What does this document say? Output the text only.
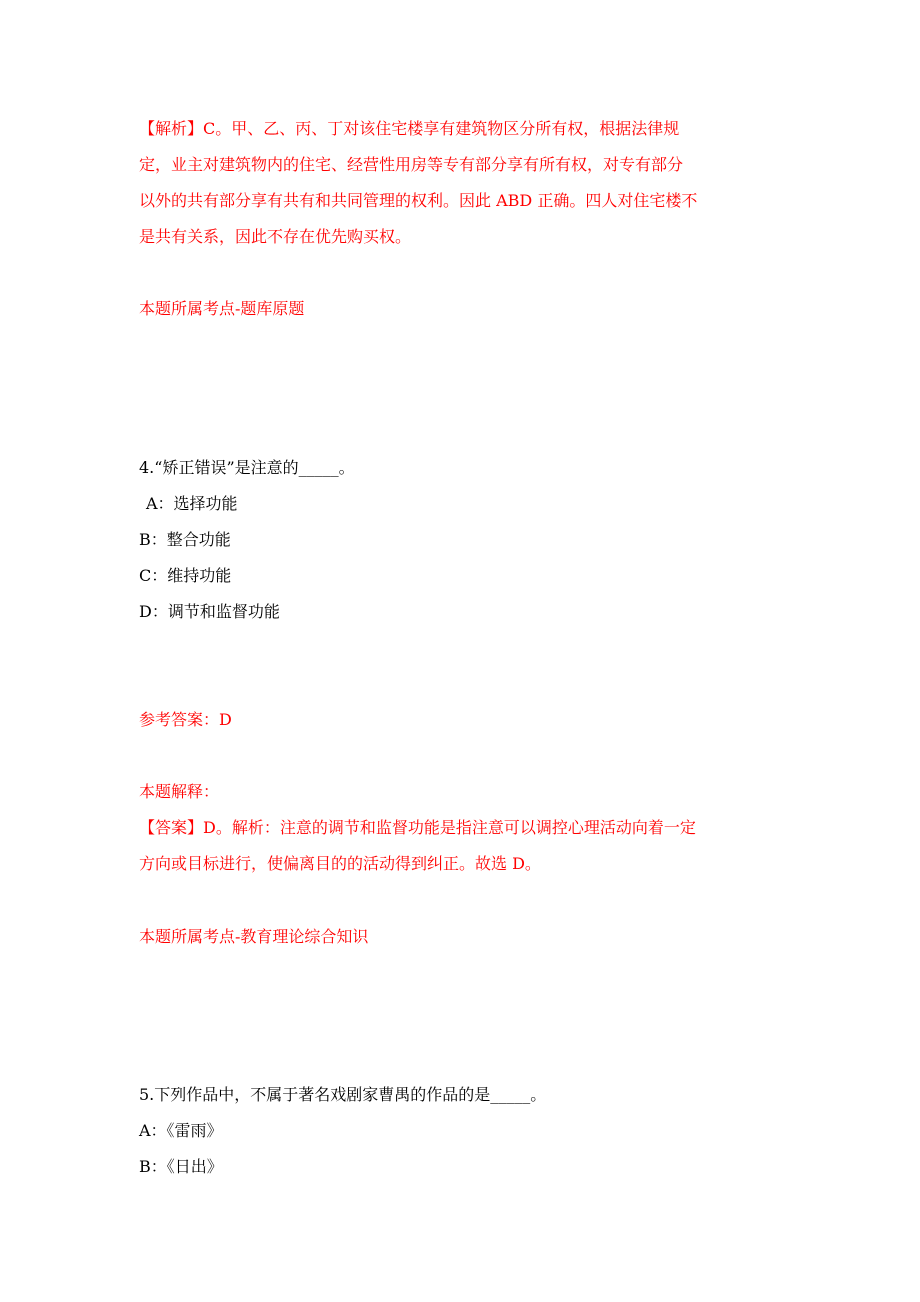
【解析】C。甲、乙、丙、丁对该住宅楼享有建筑物区分所有权，根据法律规
定，业主对建筑物内的住宅、经营性用房等专有部分享有所有权，对专有部分
以外的共有部分享有共有和共同管理的权利。因此 ABD 正确。四人对住宅楼不
是共有关系，因此不存在优先购买权。
本题所属考点-题库原题
4.“矫正错误”是注意的_____。
A：选择功能
B：整合功能
C：维持功能
D：调节和监督功能
参考答案：D
本题解释：
【答案】D。解析：注意的调节和监督功能是指注意可以调控心理活动向着一定
方向或目标进行，使偏离目的的活动得到纠正。故选 D。
本题所属考点-教育理论综合知识
5.下列作品中，不属于著名戏剧家曹禺的作品的是_____。
A：《雷雨》
B：《日出》
